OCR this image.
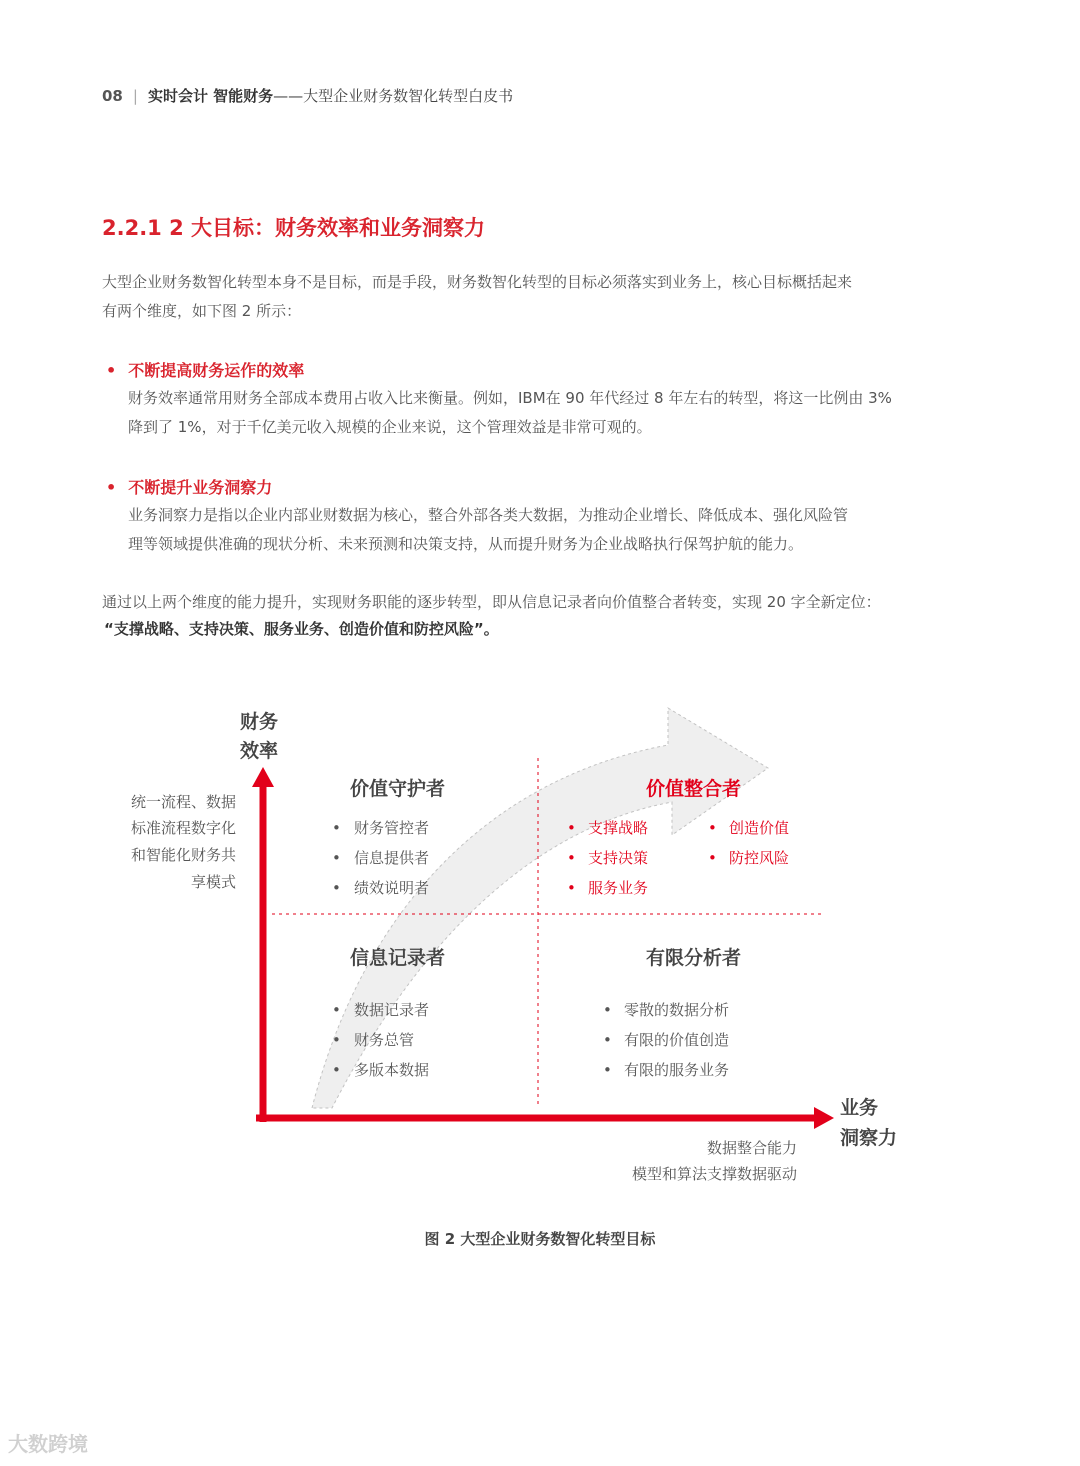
08 | 实时会计 智能财务——大型企业财务数智化转型白皮书
2.2.1 2 大目标：财务效率和业务洞察力
大型企业财务数智化转型本身不是目标，而是手段，财务数智化转型的目标必须落实到业务上，核心目标概括起来
有两个维度，如下图 2 所示：
• 不断提高财务运作的效率
财务效率通常用财务全部成本费用占收入比来衡量。例如，IBM在 90 年代经过 8 年左右的转型，将这一比例由 3%
降到了 1%，对于千亿美元收入规模的企业来说，这个管理效益是非常可观的。
• 不断提升业务洞察力
业务洞察力是指以企业内部业财数据为核心，整合外部各类大数据，为推动企业增长、降低成本、强化风险管
理等领域提供准确的现状分析、未来预测和决策支持，从而提升财务为企业战略执行保驾护航的能力。
通过以上两个维度的能力提升，实现财务职能的逐步转型，即从信息记录者向价值整合者转变，实现 20 字全新定位：
“支撑战略、支持决策、服务业务、创造价值和防控风险”。
财务
效率
统一流程、数据
标准流程数字化
和智能化财务共
享模式
业务
洞察力
数据整合能力
模型和算法支撑数据驱动
价值守护者
• 财务管控者
• 信息提供者
• 绩效说明者
价值整合者
• 支撑战略
• 支持决策
• 服务业务
• 创造价值
• 防控风险
信息记录者
• 数据记录者
• 财务总管
• 多版本数据
有限分析者
• 零散的数据分析
• 有限的价值创造
• 有限的服务业务
图 2 大型企业财务数智化转型目标
大数跨境
